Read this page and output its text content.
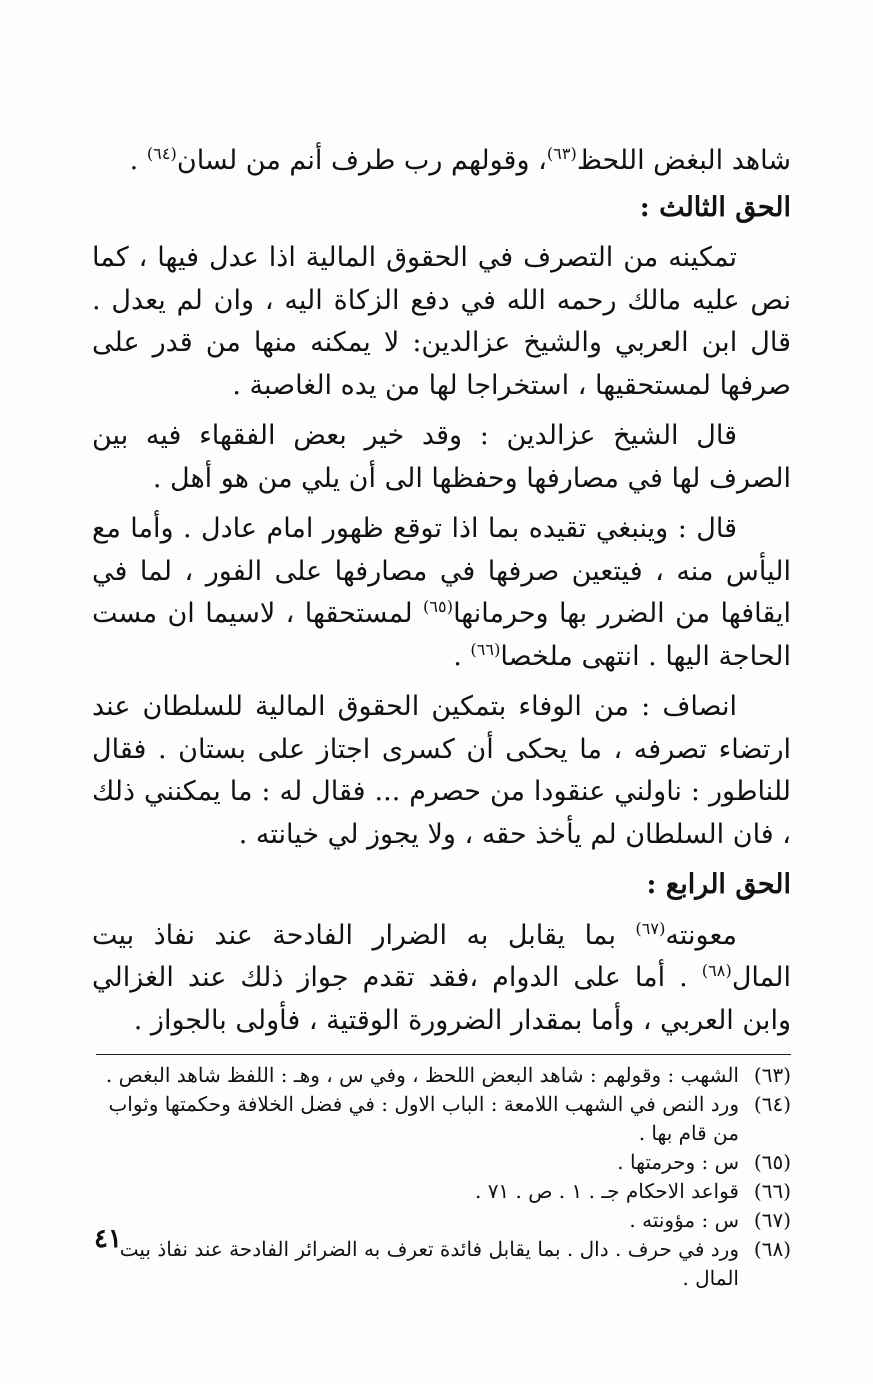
شاهد البغض اللحظ$^{(٦٣)}$، وقولهم رب طرف أنم من لسان$^{(٦٤)}$ .

الحق الثالث :

تمكينه من التصرف في الحقوق المالية اذا عدل فيها ، كما نص عليه مالك رحمه الله في دفع الزكاة اليه ، وان لم يعدل . قال ابن العربي والشيخ عزالدين: لا يمكنه منها من قدر على صرفها لمستحقيها ، استخراجا لها من يده الغاصبة .

قال الشيخ عزالدين : وقد خير بعض الفقهاء فيه بين الصرف لها في مصارفها وحفظها الى أن يلي من هو أهل .

قال : وينبغي تقيده بما اذا توقع ظهور امام عادل . وأما مع اليأس منه ، فيتعين صرفها في مصارفها على الفور ، لما في ايقافها من الضرر بها وحرمانها$^{(٦٥)}$ لمستحقها ، لاسيما ان مست الحاجة اليها . انتهى ملخصا$^{(٦٦)}$ .

انصاف : من الوفاء بتمكين الحقوق المالية للسلطان عند ارتضاء تصرفه ، ما يحكى أن كسرى اجتاز على بستان . فقال للناطور : ناولني عنقودا من حصرم ... فقال له : ما يمكنني ذلك ، فان السلطان لم يأخذ حقه ، ولا يجوز لي خيانته .

الحق الرابع :

معونته$^{(٦٧)}$ بما يقابل به الضرار الفادحة عند نفاذ بيت المال$^{(٦٨)}$ . أما على الدوام ،فقد تقدم جواز ذلك عند الغزالي وابن العربي ، وأما بمقدار الضرورة الوقتية ، فأولى بالجواز .

(٦٣)
الشهب : وقولهم : شاهد البعض اللحظ ، وفي س ، وهـ : اللفظ شاهد البغص .
(٦٤)
ورد النص في الشهب اللامعة : الباب الاول : في فضل الخلافة وحكمتها وثواب من قام بها .
(٦٥)
س : وحرمتها .
(٦٦)
قواعد الاحكام جـ . ١ . ص . ٧١ .
(٦٧)
س : مؤونته .
(٦٨)
ورد في حرف . دال . بما يقابل فائدة تعرف به الضرائر الفادحة عند نفاذ بيت المال .
٤١
